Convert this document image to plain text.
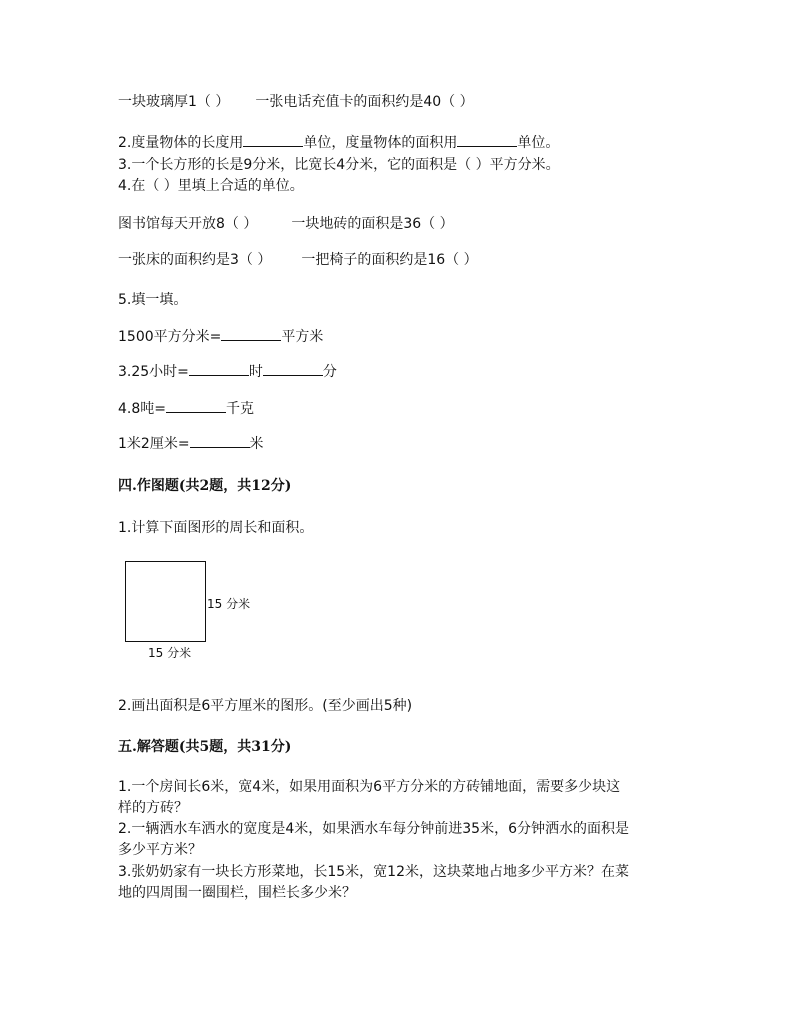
一块玻璃厚1（ ） 一张电话充值卡的面积约是40（ ）
2.度量物体的长度用	单位，度量物体的面积用	单位。
3.一个长方形的长是9分米，比宽长4分米，它的面积是（ ）平方分米。
4.在（ ）里填上合适的单位。
图书馆每天开放8（ ） 一块地砖的面积是36（ ）
一张床的面积约是3（ ） 一把椅子的面积约是16（ ）
5.填一填。
1500平方分米=	平方米
3.25小时=	时	分
4.8吨=	千克
1米2厘米=	米
四.作图题(共2题，共12分)
1.计算下面图形的周长和面积。
15 分米
15 分米
2.画出面积是6平方厘米的图形。(至少画出5种)
五.解答题(共5题，共31分)
1.一个房间长6米，宽4米，如果用面积为6平方分米的方砖铺地面，需要多少块这
样的方砖？
2.一辆洒水车洒水的宽度是4米，如果洒水车每分钟前进35米，6分钟洒水的面积是
多少平方米？
3.张奶奶家有一块长方形菜地，长15米，宽12米，这块菜地占地多少平方米？在菜
地的四周围一圈围栏，围栏长多少米？
